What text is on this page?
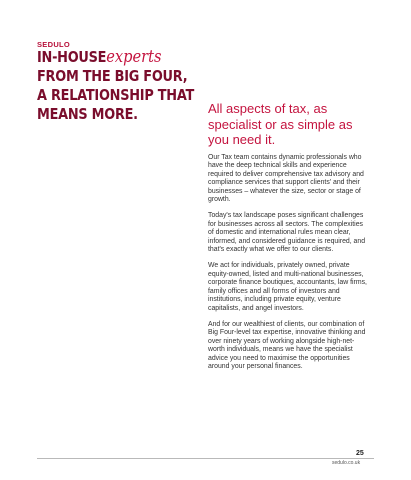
SEDULO
IN-HOUSEexperts
FROM THE BIG FOUR,
A RELATIONSHIP THAT
MEANS MORE.	All aspects of tax, as specialist or as simple as you need it.

Our Tax team contains dynamic professionals who have the deep technical skills and experience required to deliver comprehensive tax advisory and compliance services that support clients' and their businesses – whatever the size, sector or stage of growth.

Today's tax landscape poses significant challenges for businesses across all sectors. The complexities of domestic and international rules mean clear, informed, and considered guidance is required, and that's exactly what we offer to our clients.

We act for individuals, privately owned, private equity-owned, listed and multi-national businesses, corporate finance boutiques, accountants, law firms, family offices and all forms of investors and institutions, including private equity, venture capitalists, and angel investors.

And for our wealthiest of clients, our combination of Big Four-level tax expertise, innovative thinking and over ninety years of working alongside high-net-worth individuals, means we have the specialist advice you need to maximise the opportunities around your personal finances.

sedulo.co.uk
25
